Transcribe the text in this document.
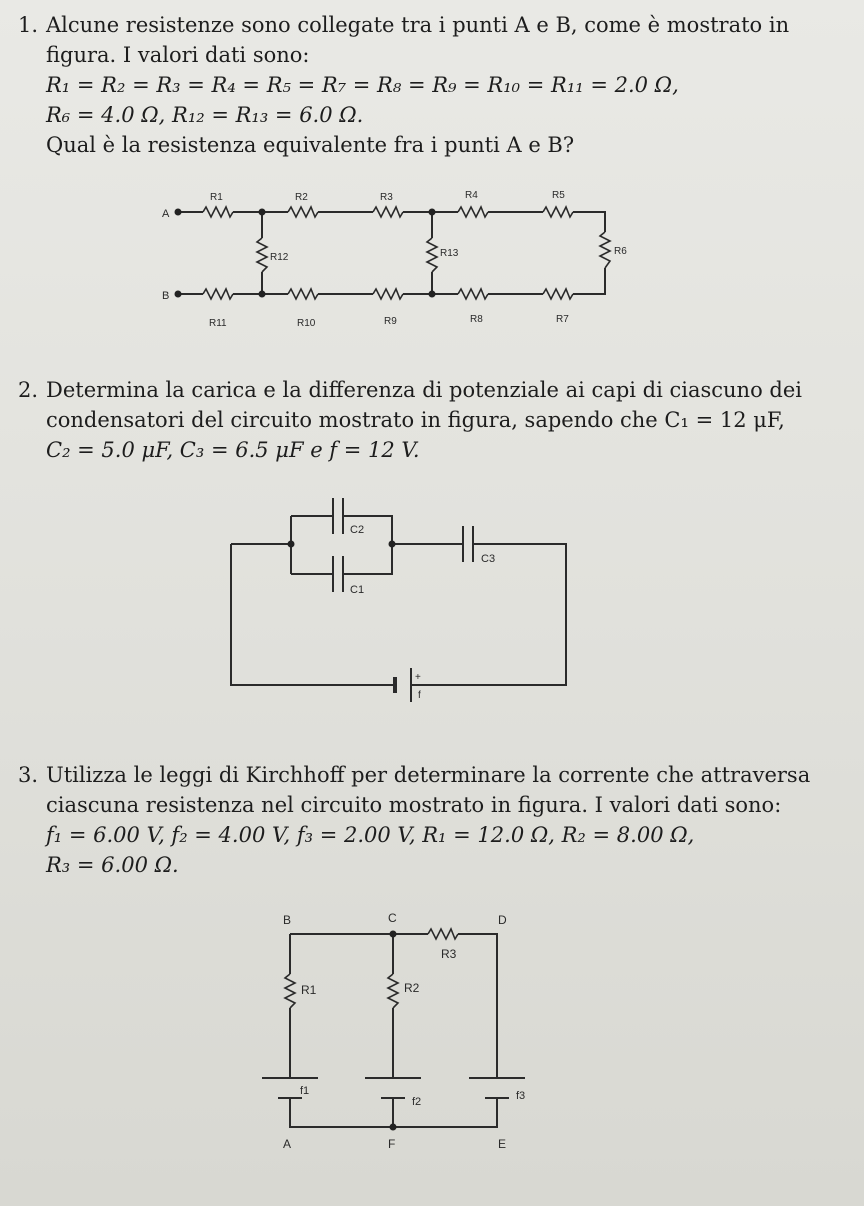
1. Alcune resistenze sono collegate tra i punti A e B, come è mostrato in

figura. I valori dati sono:

R₁ = R₂ = R₃ = R₄ = R₅ = R₇ = R₈ = R₉ = R₁₀ = R₁₁ = 2.0 Ω,

R₆ = 4.0 Ω, R₁₂ = R₁₃ = 6.0 Ω.

Qual è la resistenza equivalente fra i punti A e B?

2. Determina la carica e la differenza di potenziale ai capi di ciascuno dei

condensatori del circuito mostrato in figura, sapendo che C₁ = 12 μF,

C₂ = 5.0 μF, C₃ = 6.5 μF e f = 12 V.

3. Utilizza le leggi di Kirchhoff per determinare la corrente che attraversa

ciascuna resistenza nel circuito mostrato in figura. I valori dati sono:

f₁ = 6.00 V, f₂ = 4.00 V, f₃ = 2.00 V, R₁ = 12.0 Ω, R₂ = 8.00 Ω,

R₃ = 6.00 Ω.

A
B
R1	R2	R3	R4	R5
R11	R10	R9	R8	R7
R6
R12	R13
C2
C1
C3
+
f
B	C	D
A	F	E
R1	R2
R3
f1
f2	f3
